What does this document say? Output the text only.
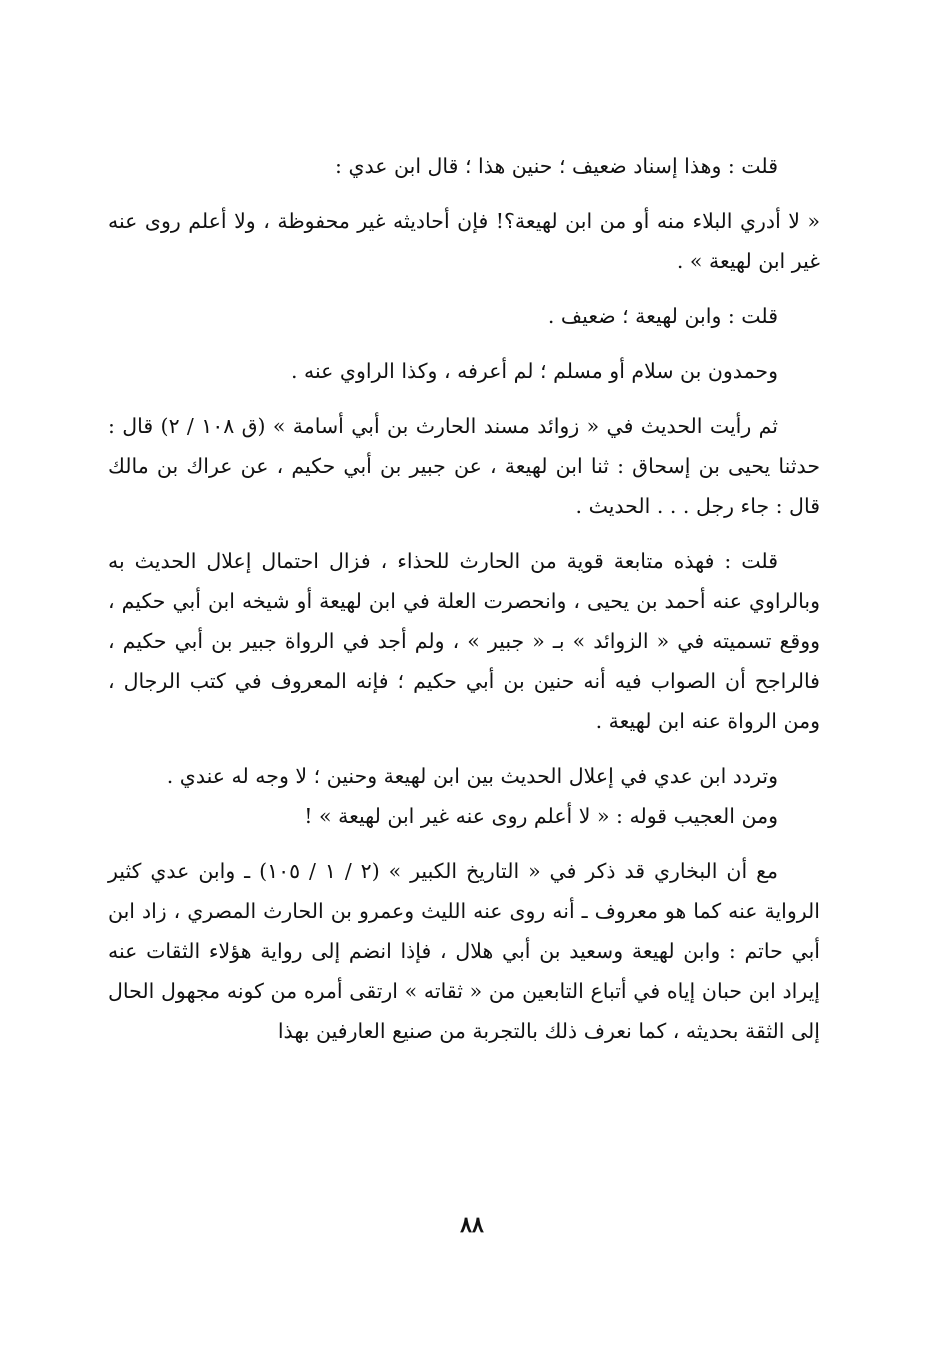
قلت : وهذا إسناد ضعيف ؛ حنين هذا ؛ قال ابن عدي :

« لا أدري البلاء منه أو من ابن لهيعة؟! فإن أحاديثه غير محفوظة ، ولا أعلم روى عنه غير ابن لهيعة » .

قلت : وابن لهيعة ؛ ضعيف .

وحمدون بن سلام أو مسلم ؛ لم أعرفه ، وكذا الراوي عنه .

ثم رأيت الحديث في « زوائد مسند الحارث بن أبي أسامة » (ق ١٠٨ / ٢) قال : حدثنا يحيى بن إسحاق : ثنا ابن لهيعة ، عن جبير بن أبي حكيم ، عن عراك بن مالك قال : جاء رجل . . . الحديث .

قلت : فهذه متابعة قوية من الحارث للحذاء ، فزال احتمال إعلال الحديث به وبالراوي عنه أحمد بن يحيى ، وانحصرت العلة في ابن لهيعة أو شيخه ابن أبي حكيم ، ووقع تسميته في « الزوائد » بـ « جبير » ، ولم أجد في الرواة جبير بن أبي حكيم ، فالراجح أن الصواب فيه أنه حنين بن أبي حكيم ؛ فإنه المعروف في كتب الرجال ، ومن الرواة عنه ابن لهيعة .

وتردد ابن عدي في إعلال الحديث بين ابن لهيعة وحنين ؛ لا وجه له عندي .

ومن العجيب قوله : « لا أعلم روى عنه غير ابن لهيعة » !

مع أن البخاري قد ذكر في « التاريخ الكبير » (٢ / ١ / ١٠٥) ـ وابن عدي كثير الرواية عنه كما هو معروف ـ أنه روى عنه الليث وعمرو بن الحارث المصري ، زاد ابن أبي حاتم : وابن لهيعة وسعيد بن أبي هلال ، فإذا انضم إلى رواية هؤلاء الثقات عنه إيراد ابن حبان إياه في أتباع التابعين من « ثقاته » ارتقى أمره من كونه مجهول الحال إلى الثقة بحديثه ، كما نعرف ذلك بالتجربة من صنيع العارفين بهذا

٨٨
